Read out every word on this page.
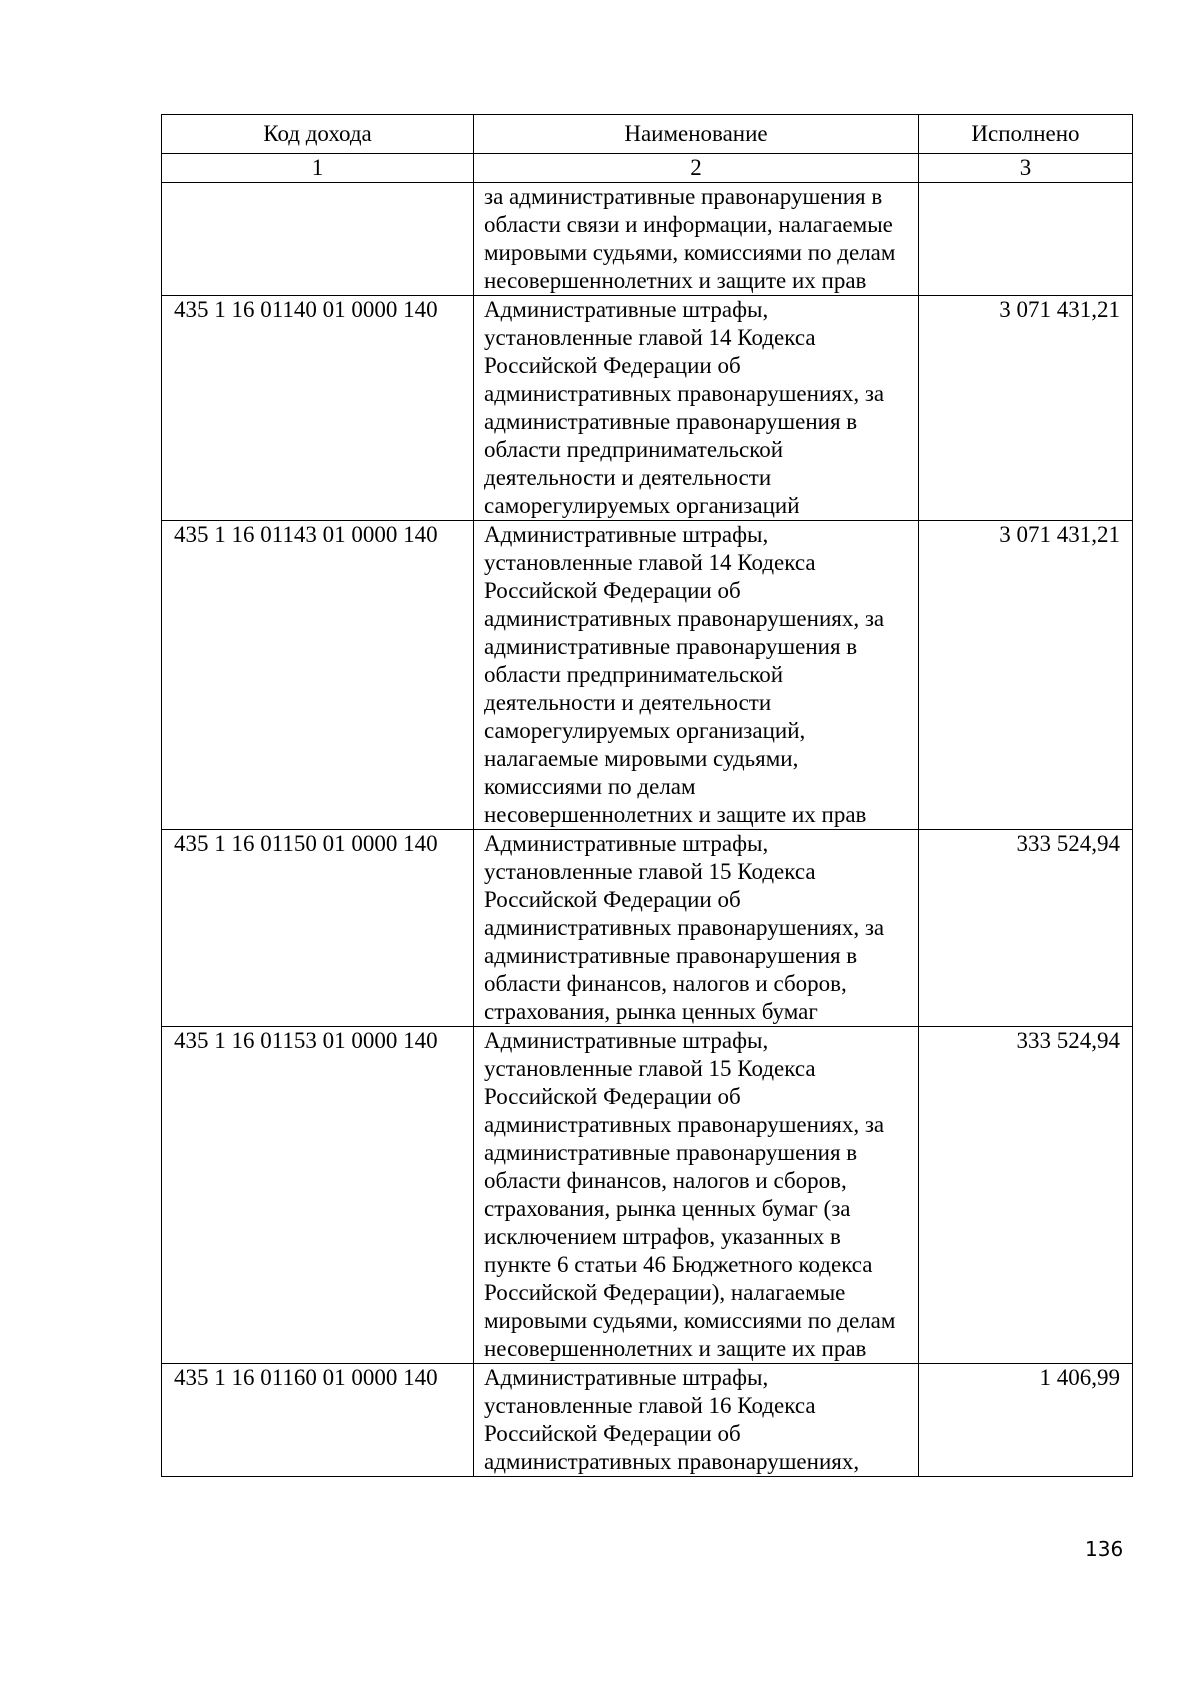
Код дохода	Наименование	Исполнено
1	2	3
	за административные правонарушения в области связи и информации, налагаемые мировыми судьями, комиссиями по делам несовершеннолетних и защите их прав	
435 1 16 01140 01 0000 140	Административные штрафы, установленные главой 14 Кодекса Российской Федерации об административных правонарушениях, за административные правонарушения в области предпринимательской деятельности и деятельности саморегулируемых организаций	3 071 431,21
435 1 16 01143 01 0000 140	Административные штрафы, установленные главой 14 Кодекса Российской Федерации об административных правонарушениях, за административные правонарушения в области предпринимательской деятельности и деятельности саморегулируемых организаций, налагаемые мировыми судьями, комиссиями по делам несовершеннолетних и защите их прав	3 071 431,21
435 1 16 01150 01 0000 140	Административные штрафы, установленные главой 15 Кодекса Российской Федерации об административных правонарушениях, за административные правонарушения в области финансов, налогов и сборов, страхования, рынка ценных бумаг	333 524,94
435 1 16 01153 01 0000 140	Административные штрафы, установленные главой 15 Кодекса Российской Федерации об административных правонарушениях, за административные правонарушения в области финансов, налогов и сборов, страхования, рынка ценных бумаг (за исключением штрафов, указанных в пункте 6 статьи 46 Бюджетного кодекса Российской Федерации), налагаемые мировыми судьями, комиссиями по делам несовершеннолетних и защите их прав	333 524,94
435 1 16 01160 01 0000 140	Административные штрафы, установленные главой 16 Кодекса Российской Федерации об административных правонарушениях,	1 406,99
136
